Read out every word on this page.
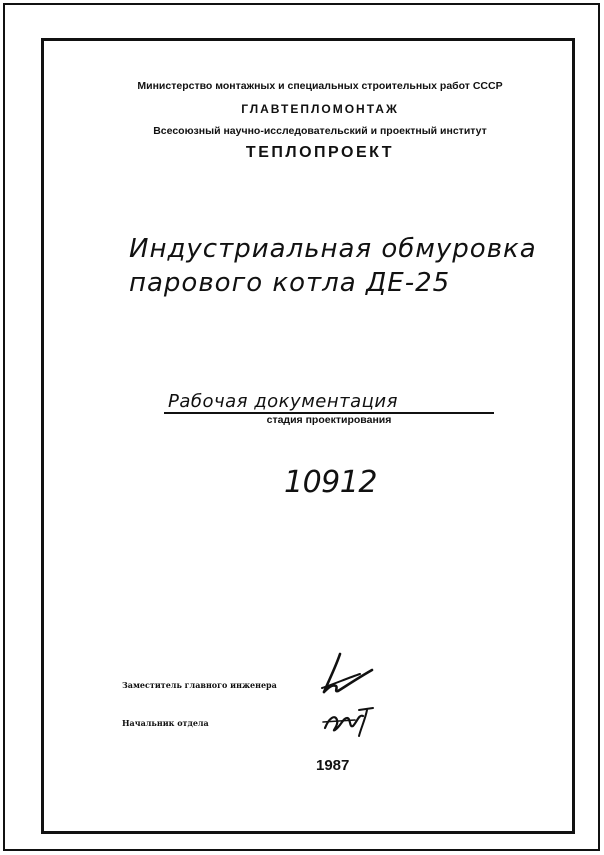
Министерство монтажных и специальных строительных работ СССР
ГЛАВТЕПЛОМОНТАЖ
Всесоюзный научно-исследовательский и проектный институт
ТЕПЛОПРОЕКТ
Индустриальная обмуровка
парового котла ДЕ-25
Рабочая документация
стадия проектирования
10912
Заместитель главного инженера
Начальник отдела
1987
